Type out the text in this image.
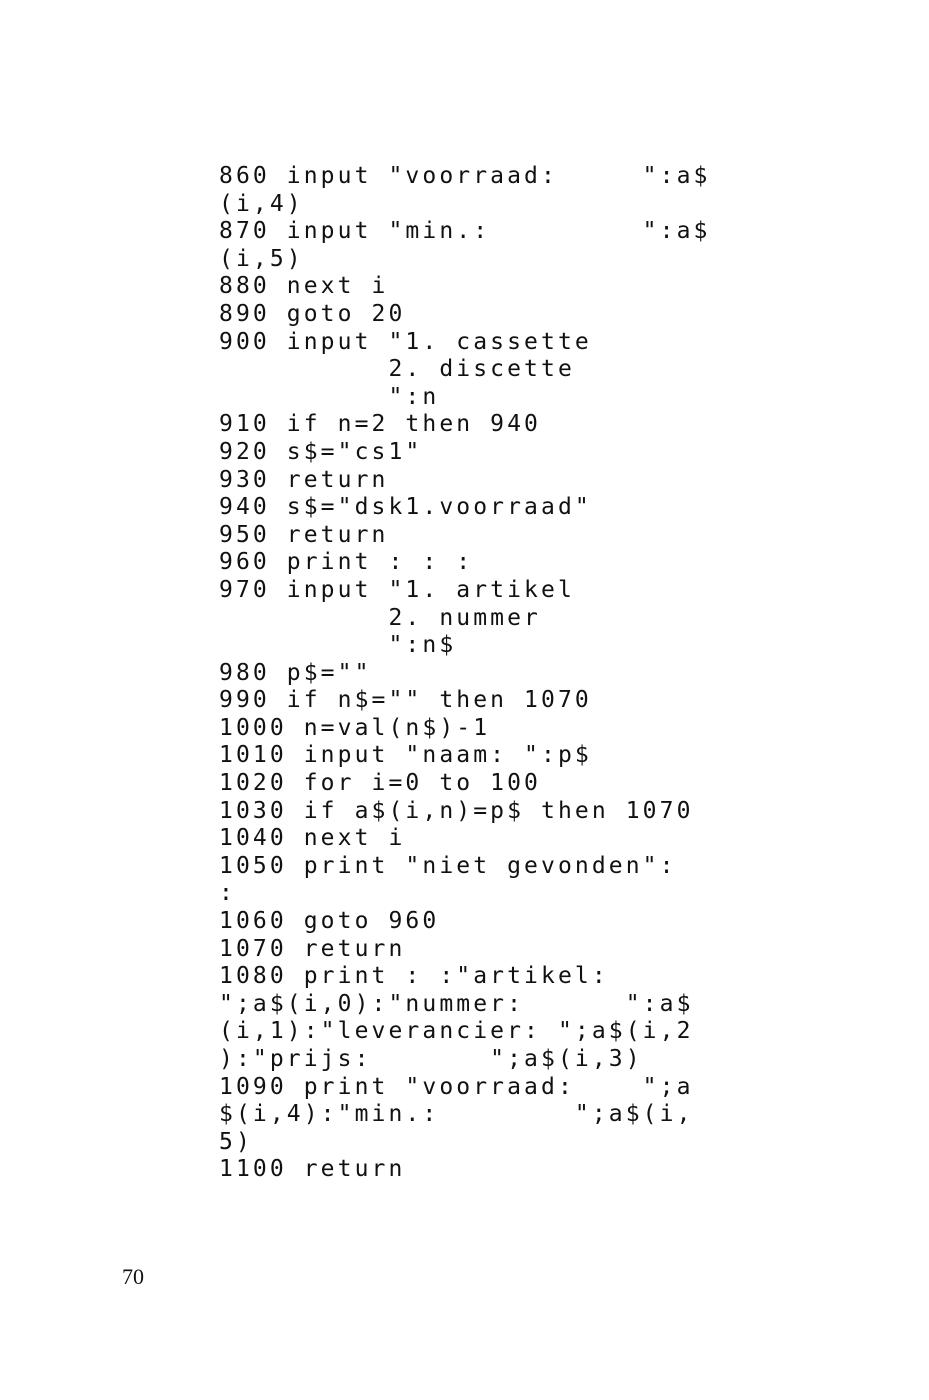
860 input "voorraad:     ":a$
(i,4)
870 input "min.:         ":a$
(i,5)
880 next i
890 goto 20
900 input "1. cassette
2. discette
":n
910 if n=2 then 940
920 s$="cs1"
930 return
940 s$="dsk1.voorraad"
950 return
960 print : : :
970 input "1. artikel
2. nummer
":n$
980 p$=""
990 if n$="" then 1070
1000 n=val(n$)-1
1010 input "naam: ":p$
1020 for i=0 to 100
1030 if a$(i,n)=p$ then 1070
1040 next i
1050 print "niet gevonden":
:
1060 goto 960
1070 return
1080 print : :"artikel:
";a$(i,0):"nummer:      ":a$
(i,1):"leverancier: ";a$(i,2
):"prijs:       ";a$(i,3)
1090 print "voorraad:    ";a
$(i,4):"min.:        ";a$(i,
5)
1100 return
70
